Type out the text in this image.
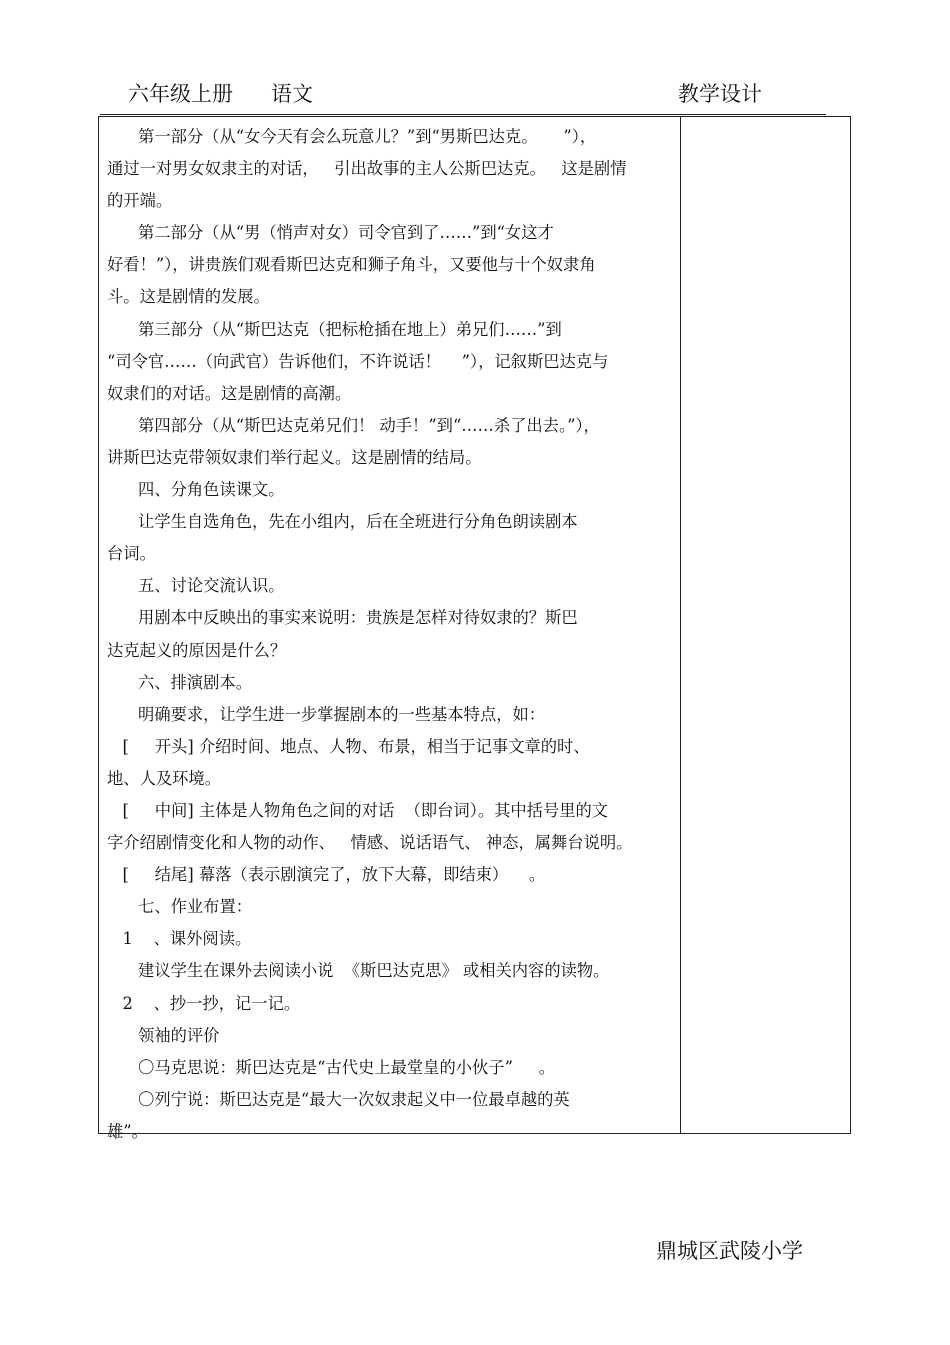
六年级上册 语文	教学设计
第一部分（从“女今天有会么玩意儿？”到“男斯巴达克。     ”），
通过一对男女奴隶主的对话，   引出故事的主人公斯巴达克。   这是剧情
的开端。
第二部分（从“男（悄声对女）司令官到了……”到“女这才
好看！”），讲贵族们观看斯巴达克和狮子角斗，又要他与十个奴隶角
斗。这是剧情的发展。
第三部分（从“斯巴达克（把标枪插在地上）弟兄们……”到
“司令官……（向武官）告诉他们，不许说话！    ”），记叙斯巴达克与
奴隶们的对话。这是剧情的高潮。
第四部分（从“斯巴达克弟兄们！ 动手！”到“……杀了出去。”），
讲斯巴达克带领奴隶们举行起义。这是剧情的结局。
四、分角色读课文。
让学生自选角色，先在小组内，后在全班进行分角色朗读剧本
台词。
五、讨论交流认识。
用剧本中反映出的事实来说明：贵族是怎样对待奴隶的？斯巴
达克起义的原因是什么？
六、排演剧本。
明确要求，让学生进一步掌握剧本的一些基本特点，如：
[     开头] 介绍时间、地点、人物、布景，相当于记事文章的时、
地、人及环境。
[     中间] 主体是人物角色之间的对话  （即台词）。其中括号里的文
字介绍剧情变化和人物的动作、   情感、说话语气、 神态，属舞台说明。
[     结尾] 幕落（表示剧演完了，放下大幕，即结束）    。
七、作业布置：
1    、课外阅读。
建议学生在课外去阅读小说  《斯巴达克思》 或相关内容的读物。
2    、抄一抄，记一记。
领袖的评价
〇马克思说：斯巴达克是“古代史上最堂皇的小伙子”     。
〇列宁说：斯巴达克是“最大一次奴隶起义中一位最卓越的英
雄”。
鼎城区武陵小学
